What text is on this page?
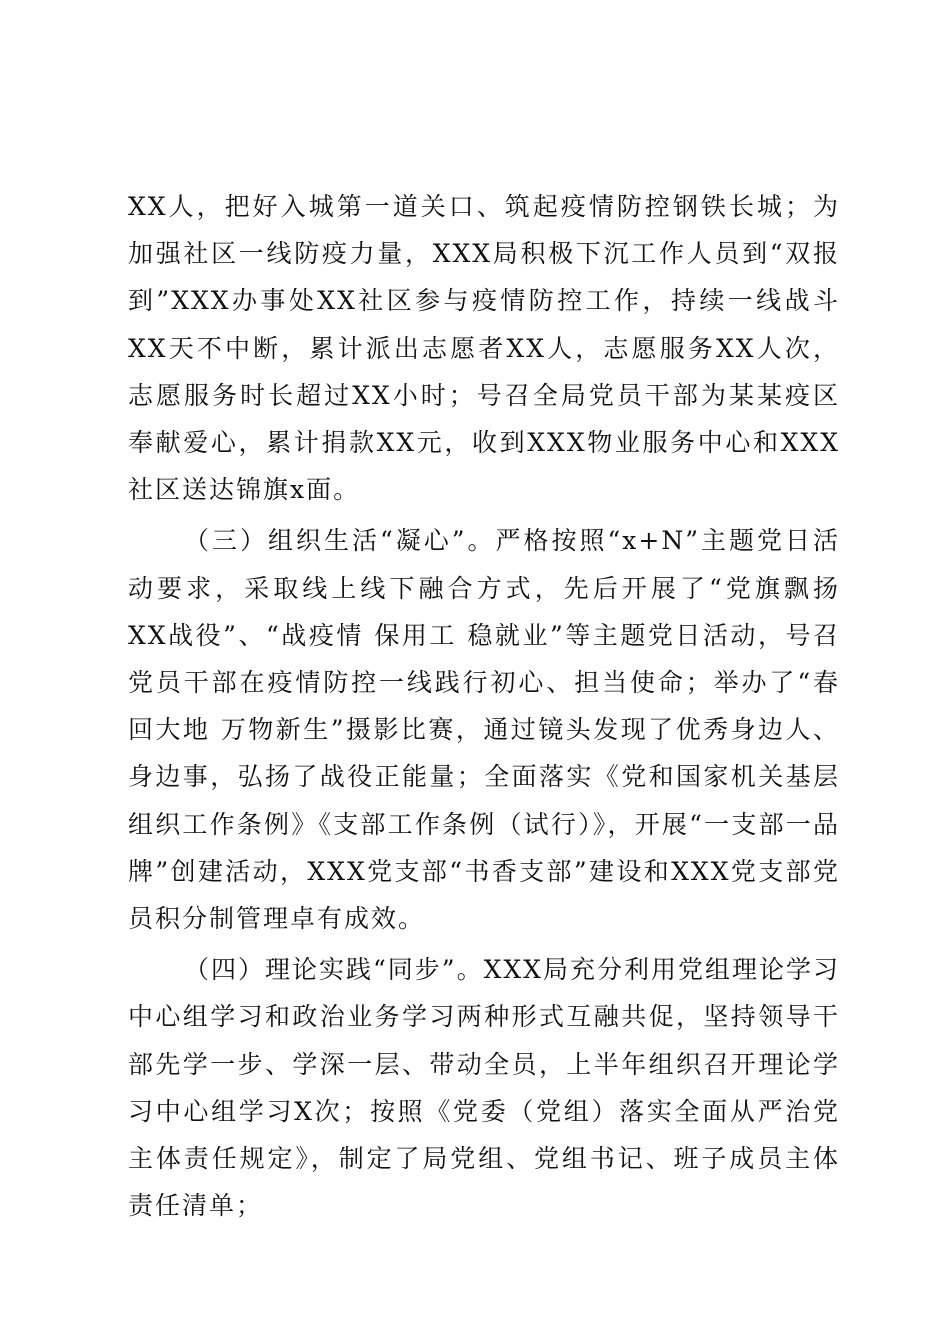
XX人，把好入城第一道关口、筑起疫情防控钢铁长城；为加强社区一线防疫力量，XXX局积极下沉工作人员到“双报到”XXX办事处XX社区参与疫情防控工作，持续一线战斗XX天不中断，累计派出志愿者XX人，志愿服务XX人次，志愿服务时长超过XX小时；号召全局党员干部为某某疫区奉献爱心，累计捐款XX元，收到XXX物业服务中心和XXX社区送达锦旗x面。

（三）组织生活“凝心”。严格按照“x+N”主题党日活动要求，采取线上线下融合方式，先后开展了“党旗飘扬 XX战役”、“战疫情 保用工 稳就业”等主题党日活动，号召党员干部在疫情防控一线践行初心、担当使命；举办了“春回大地 万物新生”摄影比赛，通过镜头发现了优秀身边人、身边事，弘扬了战役正能量；全面落实《党和国家机关基层组织工作条例》《支部工作条例（试行）》，开展“一支部一品牌”创建活动，XXX党支部“书香支部”建设和XXX党支部党员积分制管理卓有成效。

（四）理论实践“同步”。XXX局充分利用党组理论学习中心组学习和政治业务学习两种形式互融共促，坚持领导干部先学一步、学深一层、带动全员，上半年组织召开理论学习中心组学习X次；按照《党委（党组）落实全面从严治党主体责任规定》，制定了局党组、党组书记、班子成员主体责任清单；
